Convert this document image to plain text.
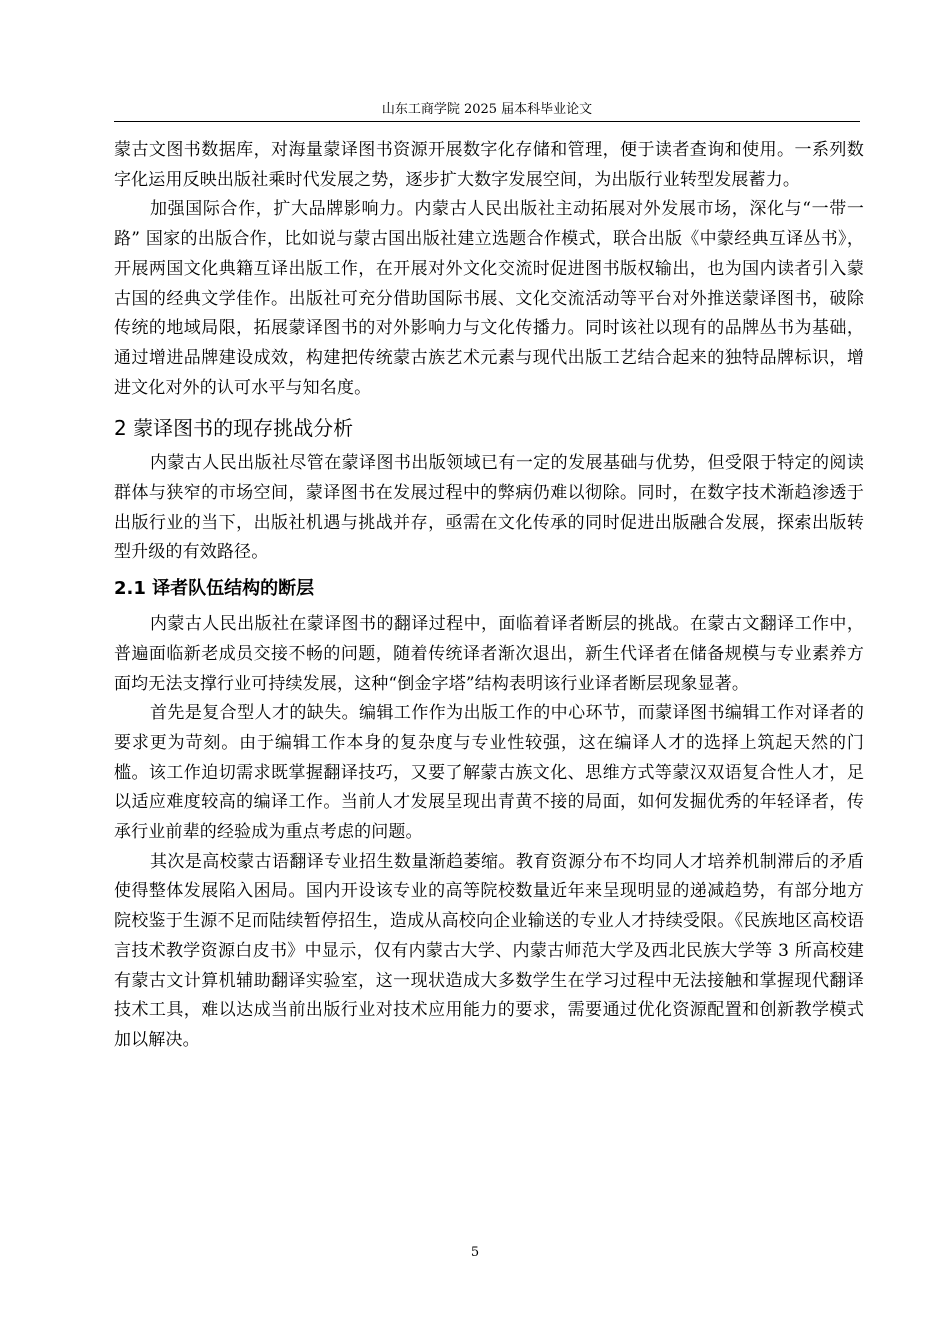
山东工商学院 2025 届本科毕业论文

蒙古文图书数据库，对海量蒙译图书资源开展数字化存储和管理，便于读者查询和使用。一系列数字化运用反映出版社乘时代发展之势，逐步扩大数字发展空间，为出版行业转型发展蓄力。

加强国际合作，扩大品牌影响力。内蒙古人民出版社主动拓展对外发展市场，深化与“一带一路” 国家的出版合作，比如说与蒙古国出版社建立选题合作模式，联合出版《中蒙经典互译丛书》，开展两国文化典籍互译出版工作，在开展对外文化交流时促进图书版权输出，也为国内读者引入蒙古国的经典文学佳作。出版社可充分借助国际书展、文化交流活动等平台对外推送蒙译图书，破除传统的地域局限，拓展蒙译图书的对外影响力与文化传播力。同时该社以现有的品牌丛书为基础，通过增进品牌建设成效，构建把传统蒙古族艺术元素与现代出版工艺结合起来的独特品牌标识，增进文化对外的认可水平与知名度。

2 蒙译图书的现存挑战分析

内蒙古人民出版社尽管在蒙译图书出版领域已有一定的发展基础与优势，但受限于特定的阅读群体与狭窄的市场空间，蒙译图书在发展过程中的弊病仍难以彻除。同时，在数字技术渐趋渗透于出版行业的当下，出版社机遇与挑战并存，亟需在文化传承的同时促进出版融合发展，探索出版转型升级的有效路径。

2.1 译者队伍结构的断层

内蒙古人民出版社在蒙译图书的翻译过程中，面临着译者断层的挑战。在蒙古文翻译工作中，普遍面临新老成员交接不畅的问题，随着传统译者渐次退出，新生代译者在储备规模与专业素养方面均无法支撑行业可持续发展，这种“倒金字塔”结构表明该行业译者断层现象显著。

首先是复合型人才的缺失。编辑工作作为出版工作的中心环节，而蒙译图书编辑工作对译者的要求更为苛刻。由于编辑工作本身的复杂度与专业性较强，这在编译人才的选择上筑起天然的门槛。该工作迫切需求既掌握翻译技巧，又要了解蒙古族文化、思维方式等蒙汉双语复合性人才，足以适应难度较高的编译工作。当前人才发展呈现出青黄不接的局面，如何发掘优秀的年轻译者，传承行业前辈的经验成为重点考虑的问题。

其次是高校蒙古语翻译专业招生数量渐趋萎缩。教育资源分布不均同人才培养机制滞后的矛盾使得整体发展陷入困局。国内开设该专业的高等院校数量近年来呈现明显的递减趋势，有部分地方院校鉴于生源不足而陆续暂停招生，造成从高校向企业输送的专业人才持续受限。《民族地区高校语言技术教学资源白皮书》中显示，仅有内蒙古大学、内蒙古师范大学及西北民族大学等 3 所高校建有蒙古文计算机辅助翻译实验室，这一现状造成大多数学生在学习过程中无法接触和掌握现代翻译技术工具，难以达成当前出版行业对技术应用能力的要求，需要通过优化资源配置和创新教学模式加以解决。

5
